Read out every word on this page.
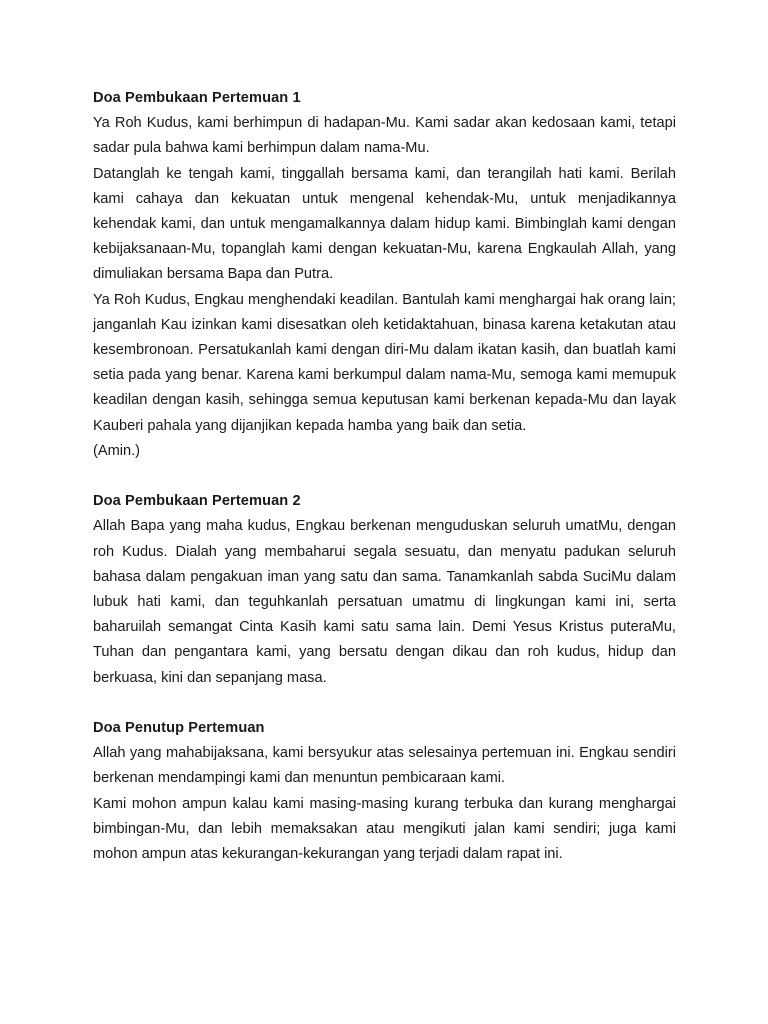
Doa Pembukaan Pertemuan 1

Ya Roh Kudus, kami berhimpun di hadapan-Mu. Kami sadar akan kedosaan kami, tetapi sadar pula bahwa kami berhimpun dalam nama-Mu.

Datanglah ke tengah kami, tinggallah bersama kami, dan terangilah hati kami. Berilah kami cahaya dan kekuatan untuk mengenal kehendak-Mu, untuk menjadikannya kehendak kami, dan untuk mengamalkannya dalam hidup kami. Bimbinglah kami dengan kebijaksanaan-Mu, topanglah kami dengan kekuatan-Mu, karena Engkaulah Allah, yang dimuliakan bersama Bapa dan Putra.

Ya Roh Kudus, Engkau menghendaki keadilan. Bantulah kami menghargai hak orang lain; janganlah Kau izinkan kami disesatkan oleh ketidaktahuan, binasa karena ketakutan atau kesembronoan. Persatukanlah kami dengan diri-Mu dalam ikatan kasih, dan buatlah kami setia pada yang benar. Karena kami berkumpul dalam nama-Mu, semoga kami memupuk keadilan dengan kasih, sehingga semua keputusan kami berkenan kepada-Mu dan layak Kauberi pahala yang dijanjikan kepada hamba yang baik dan setia.

(Amin.)

Doa Pembukaan Pertemuan 2

Allah Bapa yang maha kudus, Engkau berkenan menguduskan seluruh umatMu, dengan roh Kudus. Dialah yang membaharui segala sesuatu, dan menyatu padukan seluruh bahasa dalam pengakuan iman yang satu dan sama. Tanamkanlah sabda SuciMu dalam lubuk hati kami, dan teguhkanlah persatuan umatmu di lingkungan kami ini, serta baharuilah semangat Cinta Kasih kami satu sama lain. Demi Yesus Kristus puteraMu, Tuhan dan pengantara kami, yang bersatu dengan dikau dan roh kudus, hidup dan berkuasa, kini dan sepanjang masa.

Doa Penutup Pertemuan

Allah yang mahabijaksana, kami bersyukur atas selesainya pertemuan ini. Engkau sendiri berkenan mendampingi kami dan menuntun pembicaraan kami.

Kami mohon ampun kalau kami masing-masing kurang terbuka dan kurang menghargai bimbingan-Mu, dan lebih memaksakan atau mengikuti jalan kami sendiri; juga kami mohon ampun atas kekurangan-kekurangan yang terjadi dalam rapat ini.
